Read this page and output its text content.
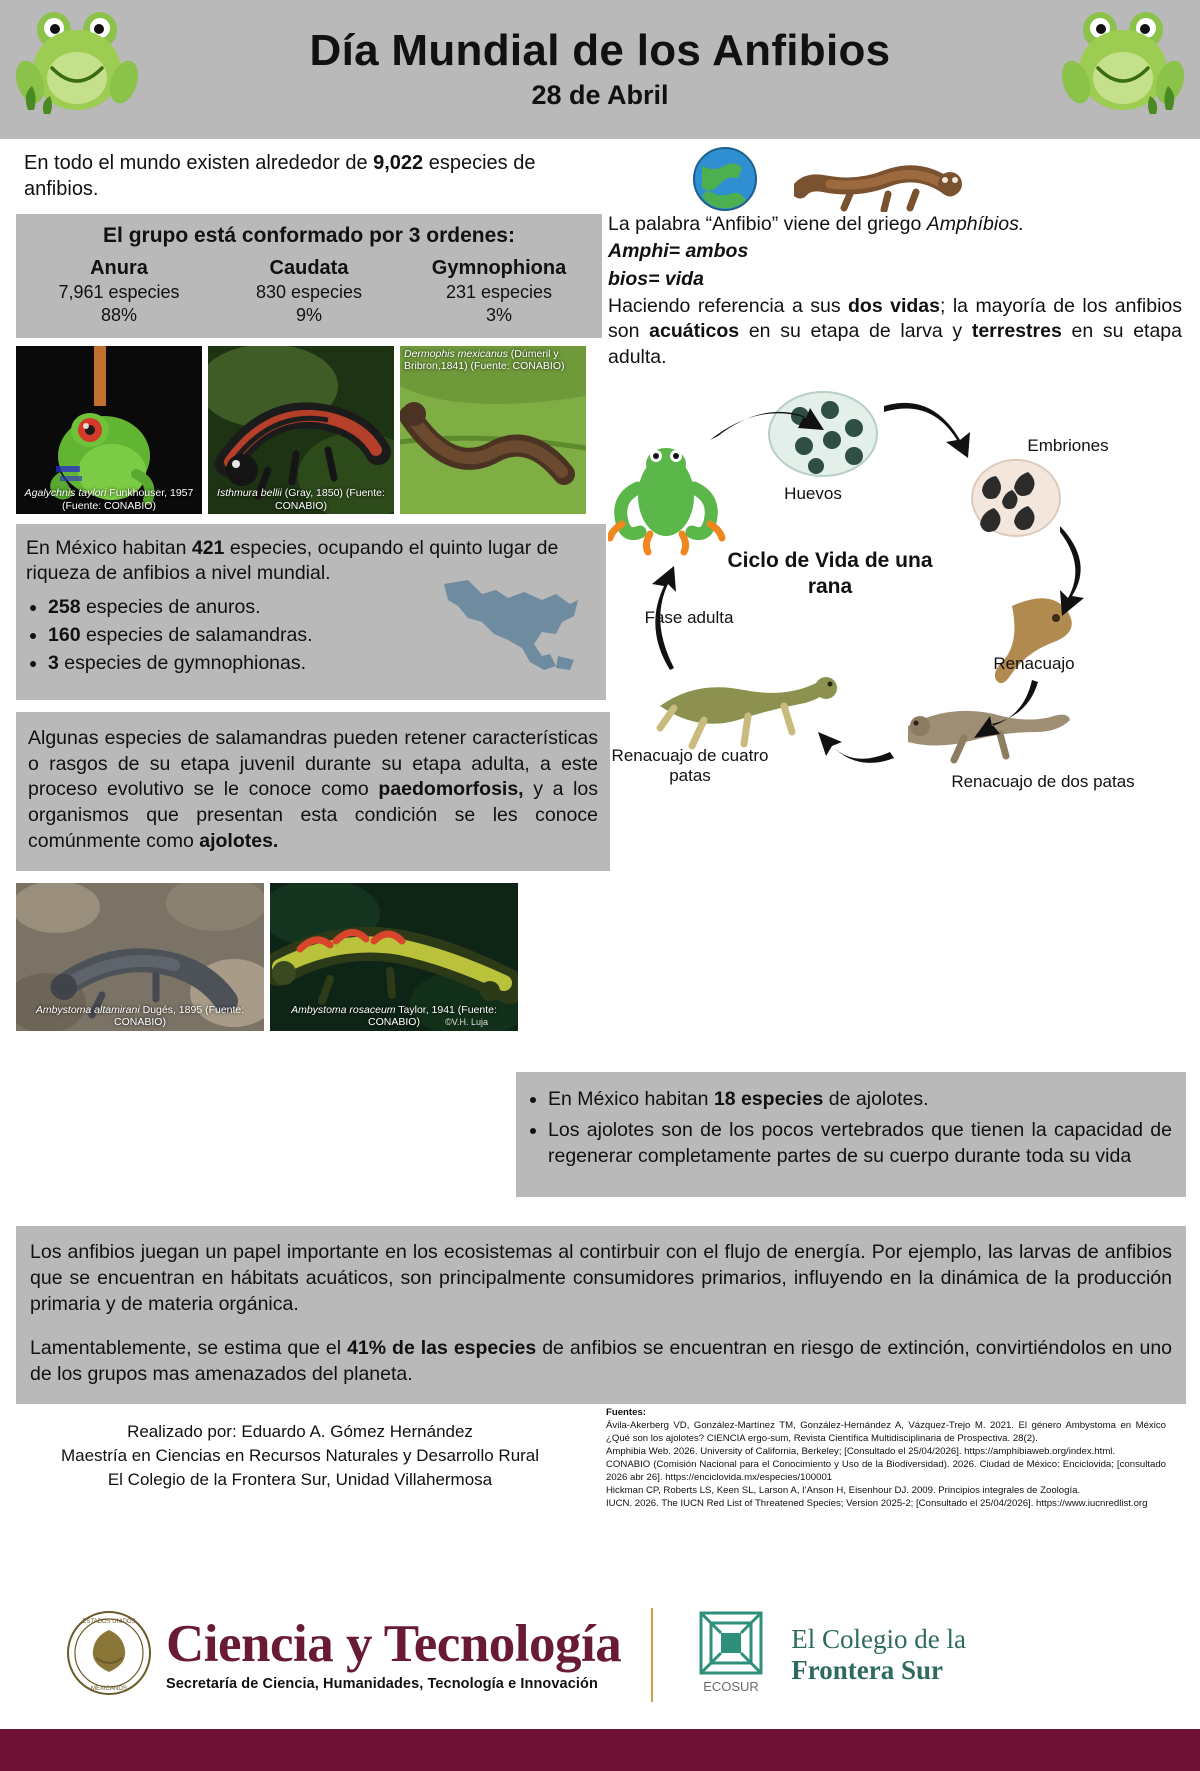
Día Mundial de los Anfibios
28 de Abril
En todo el mundo existen alrededor de 9,022 especies de anfibios.
El grupo está conformado por 3 ordenes:
Anura
7,961 especies
88%
Caudata
830 especies
9%
Gymnophiona
231 especies
3%
Agalychnis taylori Funkhouser, 1957 (Fuente: CONABIO)
Isthmura bellii (Gray, 1850) (Fuente: CONABIO)
Dermophis mexicanus (Dúmeril y Bribron,1841) (Fuente: CONABIO)

En México habitan 421 especies, ocupando el quinto lugar de riqueza de anfibios a nivel mundial.

• 258 especies de anuros.
• 160 especies de salamandras.
• 3 especies de gymnophionas.

Algunas especies de salamandras pueden retener características o rasgos de su etapa juvenil durante su etapa adulta, a este proceso evolutivo se le conoce como paedomorfosis, y a los organismos que presentan esta condición se les conoce comúnmente como ajolotes.

Ambystoma altamirani Dugés, 1895 (Fuente: CONABIO)	©V.H. Luja
Ambystoma rosaceum Taylor, 1941 (Fuente: CONABIO)

La palabra “Anfibio” viene del griego Amphíbios.

Amphi= ambos

bios= vida

Haciendo referencia a sus dos vidas; la mayoría de los anfibios son acuáticos en su etapa de larva y terrestres en su etapa adulta.

Ciclo de Vida de una rana
Huevos
Embriones
Renacuajo
Renacuajo de dos patas
Renacuajo de cuatro patas
Fase adulta
• En México habitan 18 especies de ajolotes.
• Los ajolotes son de los pocos vertebrados que tienen la capacidad de regenerar completamente partes de su cuerpo durante toda su vida

Los anfibios juegan un papel importante en los ecosistemas al contirbuir con el flujo de energía. Por ejemplo, las larvas de anfibios que se encuentran en hábitats acuáticos, son principalmente consumidores primarios, influyendo en la dinámica de la producción primaria y de materia orgánica.

Lamentablemente, se estima que el 41% de las especies de anfibios se encuentran en riesgo de extinción, convirtiéndolos en uno de los grupos mas amenazados del planeta.

Realizado por: Eduardo A. Gómez Hernández
Maestría en Ciencias en Recursos Naturales y Desarrollo Rural
El Colegio de la Frontera Sur, Unidad Villahermosa
Fuentes:
Ávila-Akerberg VD, González-Martínez TM, González-Hernández A, Vázquez-Trejo M. 2021. El género Ambystoma en México ¿Qué son los ajolotes? CIENCIA ergo-sum, Revista Científica Multidisciplinaria de Prospectiva. 28(2).
Amphibia Web. 2026. University of California, Berkeley; [Consultado el 25/04/2026]. https://amphibiaweb.org/index.html.
CONABIO (Comisión Nacional para el Conocimiento y Uso de la Biodiversidad). 2026. Ciudad de México: Enciclovida; [consultado 2026 abr 26]. https://enciclovida.mx/especies/100001
Hickman CP, Roberts LS, Keen SL, Larson A, I'Anson H, Eisenhour DJ. 2009. Principios integrales de Zoología.
IUCN. 2026. The IUCN Red List of Threatened Species; Version 2025-2; [Consultado el 25/04/2026]. https://www.iucnredlist.org
ESTADOS UNIDOS
MEXICANOS
Ciencia y Tecnología
Secretaría de Ciencia, Humanidades, Tecnología e Innovación	ECOSUR
El Colegio de la
Frontera Sur
